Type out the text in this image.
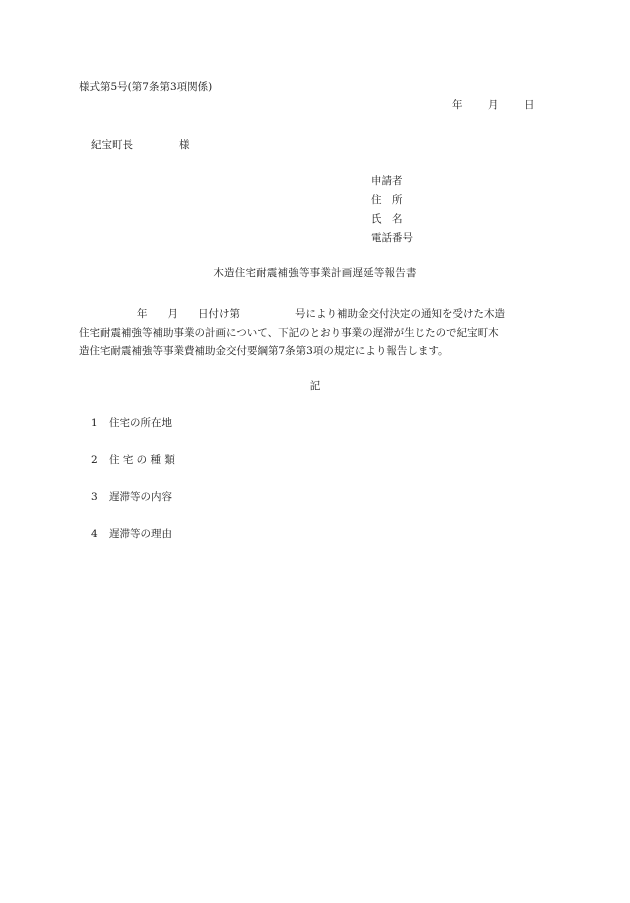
様式第5号(第7条第3項関係)
年 月 日
紀宝町長	様
申請者
住　所
氏　名
電話番号
木造住宅耐震補強等事業計画遅延等報告書
年 月 日付け第	号により補助金交付決定の通知を受けた木造
住宅耐震補強等補助事業の計画について、下記のとおり事業の遅滞が生じたので紀宝町木
造住宅耐震補強等事業費補助金交付要綱第7条第3項の規定により報告します。
記
1 住宅の所在地
2 住 宅 の 種 類
3 遅滞等の内容
4 遅滞等の理由
